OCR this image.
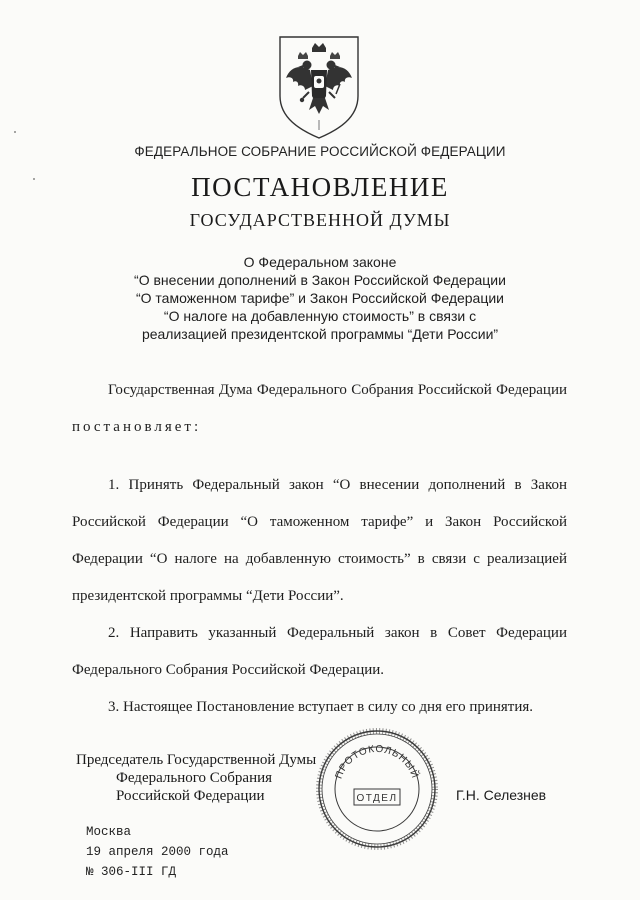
ФЕДЕРАЛЬНОЕ СОБРАНИЕ РОССИЙСКОЙ ФЕДЕРАЦИИ
ПОСТАНОВЛЕНИЕ
ГОСУДАРСТВЕННОЙ ДУМЫ
О Федеральном законе
“О внесении дополнений в Закон Российской Федерации
“О таможенном тарифе” и Закон Российской Федерации
“О налоге на добавленную стоимость” в связи с
реализацией президентской программы “Дети России”
Государственная Дума Федерального Собрания Российской Федерации постановляет:
1. Принять Федеральный закон “О внесении дополнений в Закон Российской Федерации “О таможенном тарифе” и Закон Российской Федерации “О налоге на добавленную стоимость” в связи с реализацией президентской программы “Дети России”.
2. Направить указанный Федеральный закон в Совет Федерации Федерального Собрания Российской Федерации.
3. Настоящее Постановление вступает в силу со дня его принятия.
Председатель Государственной Думы
Федерального Собрания
Российской Федерации
ПРОТОКОЛЬНЫЙ
ОТДЕЛ	Г.Н. Селезнев
Москва
19 апреля 2000 года
№ 306-III ГД
